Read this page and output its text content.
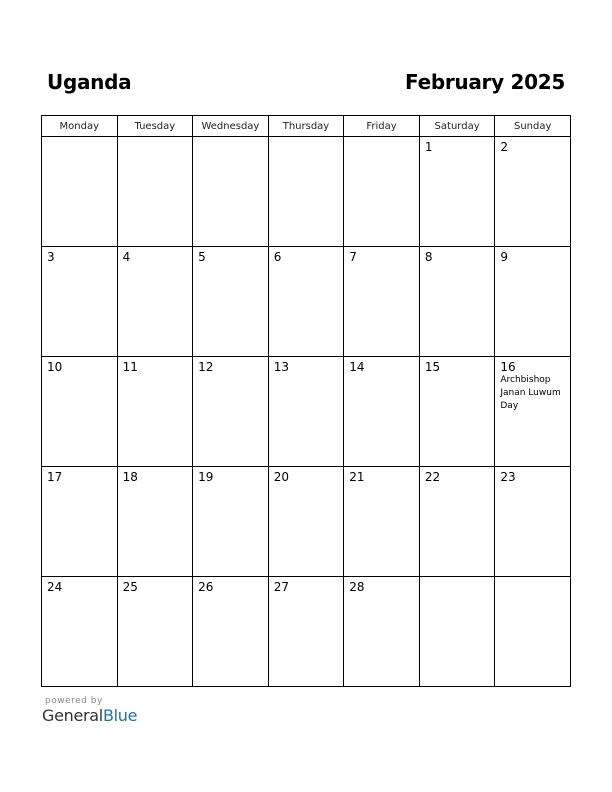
Uganda	February 2025
Monday	Tuesday	Wednesday	Thursday	Friday	Saturday	Sunday

					1	2

3	4	5	6	7	8	9

10	11	12	13	14	15	16
Archbishop Janan Luwum Day

17	18	19	20	21	22	23

24	25	26	27	28		

powered by
GeneralBlue
